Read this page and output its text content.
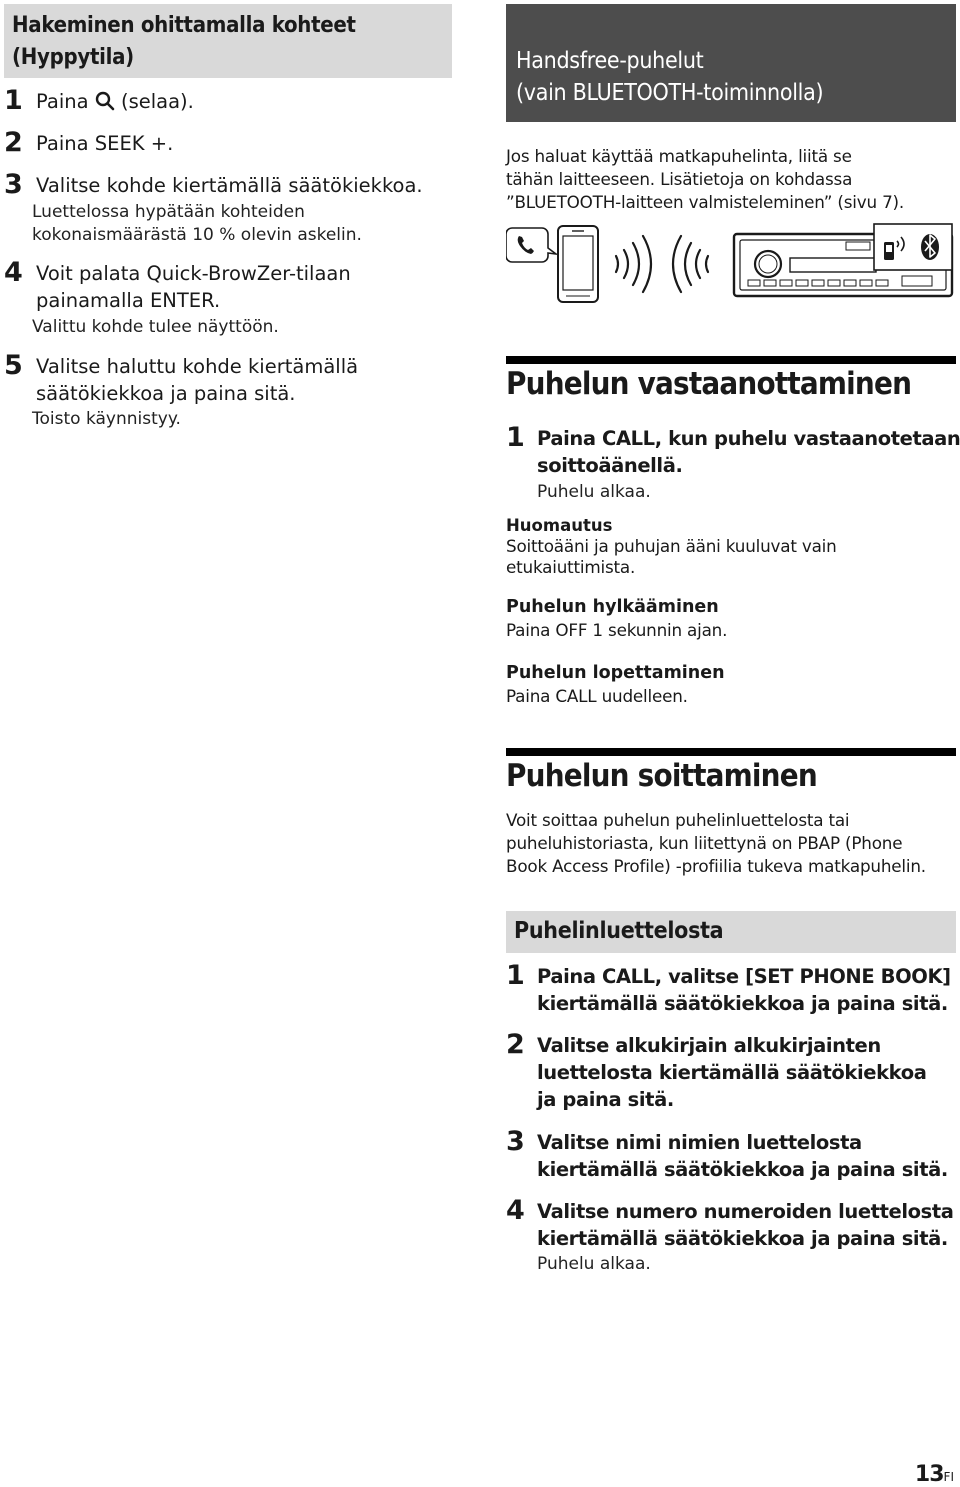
Hakeminen ohittamalla kohteet
(Hyppytila)
1 Paina  (selaa).
2 Paina SEEK +.
3 Valitse kohde kiertämällä säätökiekkoa.
Luettelossa hypätään kohteiden
kokonaismäärästä 10 % olevin askelin.
4 Voit palata Quick-BrowZer-tilaan
painamalla ENTER.
Valittu kohde tulee näyttöön.
5 Valitse haluttu kohde kiertämällä
säätökiekkoa ja paina sitä.
Toisto käynnistyy.
Handsfree-puhelut
(vain BLUETOOTH-toiminnolla)
Jos haluat käyttää matkapuhelinta, liitä se
tähän laitteeseen. Lisätietoja on kohdassa
”BLUETOOTH-laitteen valmisteleminen” (sivu 7).
Puhelun vastaanottaminen
1 Paina CALL, kun puhelu vastaanotetaan
soittoäänellä.
Puhelu alkaa.
Huomautus
Soittoääni ja puhujan ääni kuuluvat vain
etukaiuttimista.
Puhelun hylkääminen
Paina OFF 1 sekunnin ajan.
Puhelun lopettaminen
Paina CALL uudelleen.
Puhelun soittaminen
Voit soittaa puhelun puhelinluettelosta tai
puheluhistoriasta, kun liitettynä on PBAP (Phone
Book Access Profile) -profiilia tukeva matkapuhelin.
Puhelinluettelosta
1 Paina CALL, valitse [SET PHONE BOOK]
kiertämällä säätökiekkoa ja paina sitä.
2 Valitse alkukirjain alkukirjainten
luettelosta kiertämällä säätökiekkoa
ja paina sitä.
3 Valitse nimi nimien luettelosta
kiertämällä säätökiekkoa ja paina sitä.
4 Valitse numero numeroiden luettelosta
kiertämällä säätökiekkoa ja paina sitä.
Puhelu alkaa.
13FI
